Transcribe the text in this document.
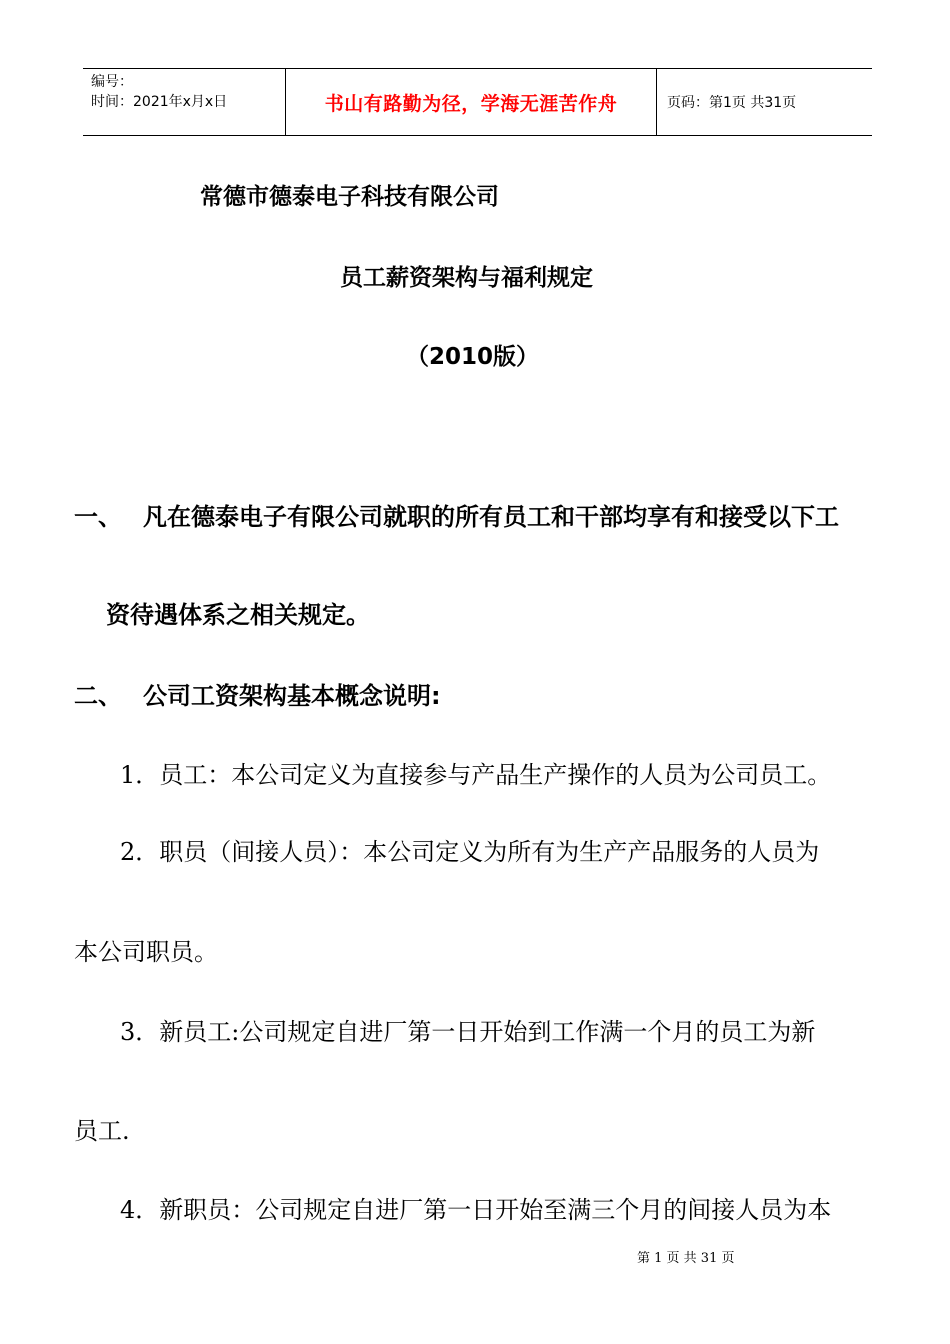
编号：
时间：2021年x月x日	书山有路勤为径，学海无涯苦作舟	页码：第1页 共31页
常德市德泰电子科技有限公司
员工薪资架构与福利规定
（2010版）
一、 凡在德泰电子有限公司就职的所有员工和干部均享有和接受以下工
资待遇体系之相关规定。
二、 公司工资架构基本概念说明:
1．员工：本公司定义为直接参与产品生产操作的人员为公司员工。
2．职员（间接人员）：本公司定义为所有为生产产品服务的人员为
本公司职员。
3．新员工:公司规定自进厂第一日开始到工作满一个月的员工为新
员工.
4．新职员：公司规定自进厂第一日开始至满三个月的间接人员为本
第 1 页 共 31 页
